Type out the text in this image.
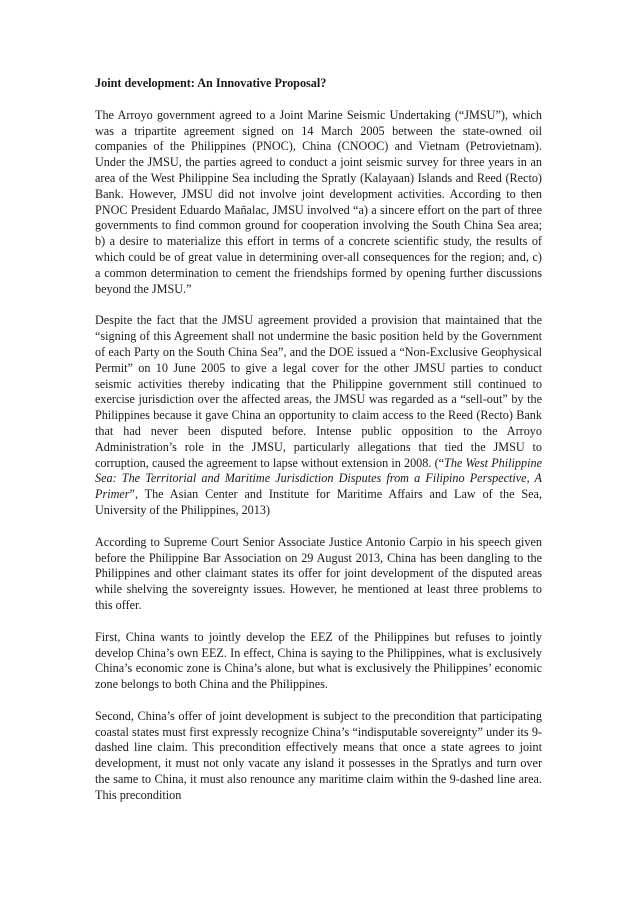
Joint development: An Innovative Proposal?

The Arroyo government agreed to a Joint Marine Seismic Undertaking (“JMSU”), which was a tripartite agreement signed on 14 March 2005 between the state-owned oil companies of the Philippines (PNOC), China (CNOOC) and Vietnam (Petrovietnam). Under the JMSU, the parties agreed to conduct a joint seismic survey for three years in an area of the West Philippine Sea including the Spratly (Kalayaan) Islands and Reed (Recto) Bank. However, JMSU did not involve joint development activities. According to then PNOC President Eduardo Mañalac, JMSU involved “a) a sincere effort on the part of three governments to find common ground for cooperation involving the South China Sea area; b) a desire to materialize this effort in terms of a concrete scientific study, the results of which could be of great value in determining over-all consequences for the region; and, c) a common determination to cement the friendships formed by opening further discussions beyond the JMSU.”

Despite the fact that the JMSU agreement provided a provision that maintained that the “signing of this Agreement shall not undermine the basic position held by the Government of each Party on the South China Sea”, and the DOE issued a “Non-Exclusive Geophysical Permit” on 10 June 2005 to give a legal cover for the other JMSU parties to conduct seismic activities thereby indicating that the Philippine government still continued to exercise jurisdiction over the affected areas, the JMSU was regarded as a “sell-out” by the Philippines because it gave China an opportunity to claim access to the Reed (Recto) Bank that had never been disputed before. Intense public opposition to the Arroyo Administration’s role in the JMSU, particularly allegations that tied the JMSU to corruption, caused the agreement to lapse without extension in 2008. (“The West Philippine Sea: The Territorial and Maritime Jurisdiction Disputes from a Filipino Perspective, A Primer”, The Asian Center and Institute for Maritime Affairs and Law of the Sea, University of the Philippines, 2013)

According to Supreme Court Senior Associate Justice Antonio Carpio in his speech given before the Philippine Bar Association on 29 August 2013, China has been dangling to the Philippines and other claimant states its offer for joint development of the disputed areas while shelving the sovereignty issues. However, he mentioned at least three problems to this offer.

First, China wants to jointly develop the EEZ of the Philippines but refuses to jointly develop China’s own EEZ. In effect, China is saying to the Philippines, what is exclusively China’s economic zone is China’s alone, but what is exclusively the Philippines’ economic zone belongs to both China and the Philippines.

Second, China’s offer of joint development is subject to the precondition that participating coastal states must first expressly recognize China’s “indisputable sovereignty” under its 9-dashed line claim. This precondition effectively means that once a state agrees to joint development, it must not only vacate any island it possesses in the Spratlys and turn over the same to China, it must also renounce any maritime claim within the 9-dashed line area. This precondition
